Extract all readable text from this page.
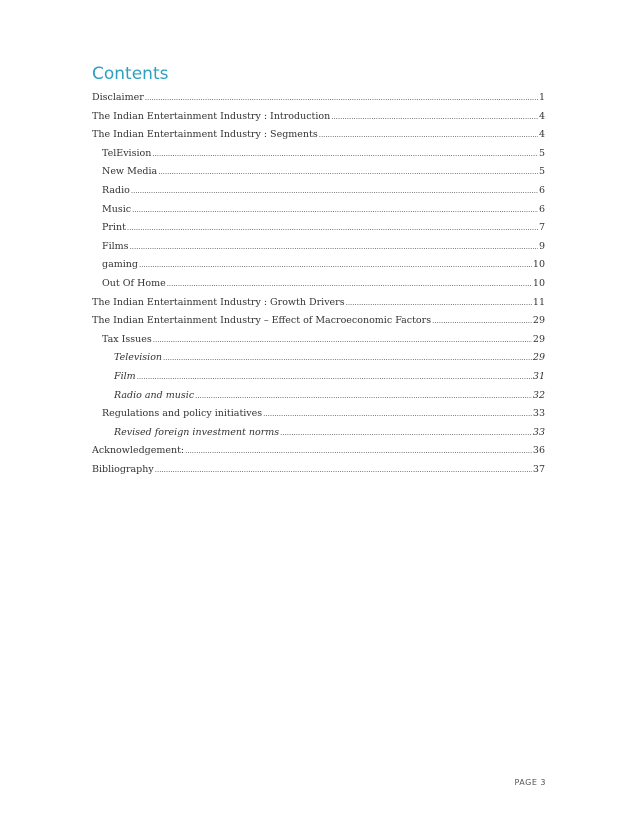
Contents
Disclaimer .....	1
The Indian Entertainment Industry : Introduction .....	4
The Indian Entertainment Industry : Segments .....	4
TelEvision .....	5
New Media .....	5
Radio .....	6
Music .....	6
Print .....	7
Films .....	9
gaming .....	10
Out Of Home .....	10
The Indian Entertainment Industry : Growth Drivers .....	11
The Indian Entertainment Industry – Effect of Macroeconomic Factors .....	29
Tax Issues .....	29
Television .....	29
Film .....	31
Radio and music .....	32
Regulations and policy initiatives .....	33
Revised foreign investment norms .....	33
Acknowledgement: .....	36
Bibliography .....	37
PAGE 3
